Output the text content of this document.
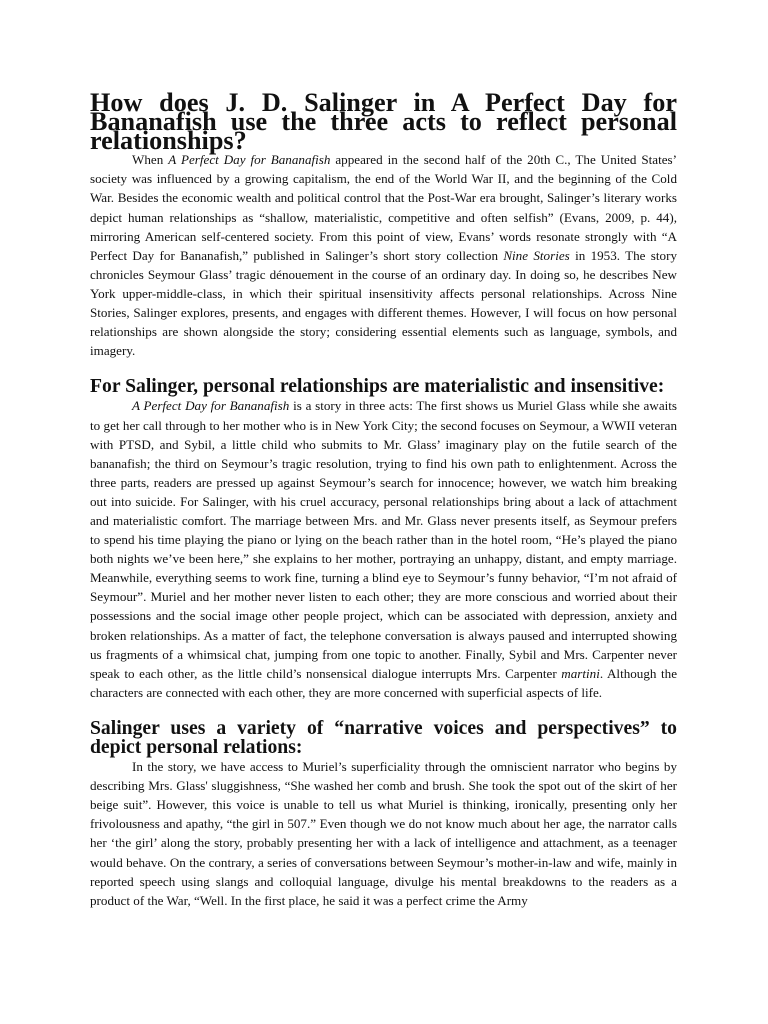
How does J. D. Salinger in A Perfect Day for Bananafish use the three acts to reflect personal relationships?

When A Perfect Day for Bananafish appeared in the second half of the 20th C., The United States’ society was influenced by a growing capitalism, the end of the World War II, and the beginning of the Cold War. Besides the economic wealth and political control that the Post-War era brought, Salinger’s literary works depict human relationships as “shallow, materialistic, competitive and often selfish” (Evans, 2009, p. 44), mirroring American self-centered society. From this point of view, Evans’ words resonate strongly with “A Perfect Day for Bananafish,” published in Salinger’s short story collection Nine Stories in 1953. The story chronicles Seymour Glass’ tragic dénouement in the course of an ordinary day. In doing so, he describes New York upper-middle-class, in which their spiritual insensitivity affects personal relationships. Across Nine Stories, Salinger explores, presents, and engages with different themes. However, I will focus on how personal relationships are shown alongside the story; considering essential elements such as language, symbols, and imagery.

For Salinger, personal relationships are materialistic and insensitive:

A Perfect Day for Bananafish is a story in three acts: The first shows us Muriel Glass while she awaits to get her call through to her mother who is in New York City; the second focuses on Seymour, a WWII veteran with PTSD, and Sybil, a little child who submits to Mr. Glass’ imaginary play on the futile search of the bananafish; the third on Seymour’s tragic resolution, trying to find his own path to enlightenment. Across the three parts, readers are pressed up against Seymour’s search for innocence; however, we watch him breaking out into suicide. For Salinger, with his cruel accuracy, personal relationships bring about a lack of attachment and materialistic comfort. The marriage between Mrs. and Mr. Glass never presents itself, as Seymour prefers to spend his time playing the piano or lying on the beach rather than in the hotel room, “He’s played the piano both nights we’ve been here,” she explains to her mother, portraying an unhappy, distant, and empty marriage. Meanwhile, everything seems to work fine, turning a blind eye to Seymour’s funny behavior, “I’m not afraid of Seymour”. Muriel and her mother never listen to each other; they are more conscious and worried about their possessions and the social image other people project, which can be associated with depression, anxiety and broken relationships. As a matter of fact, the telephone conversation is always paused and interrupted showing us fragments of a whimsical chat, jumping from one topic to another. Finally, Sybil and Mrs. Carpenter never speak to each other, as the little child’s nonsensical dialogue interrupts Mrs. Carpenter martini. Although the characters are connected with each other, they are more concerned with superficial aspects of life.

Salinger uses a variety of “narrative voices and perspectives” to depict personal relations:

In the story, we have access to Muriel’s superficiality through the omniscient narrator who begins by describing Mrs. Glass' sluggishness, “She washed her comb and brush. She took the spot out of the skirt of her beige suit”. However, this voice is unable to tell us what Muriel is thinking, ironically, presenting only her frivolousness and apathy, “the girl in 507.” Even though we do not know much about her age, the narrator calls her ‘the girl’ along the story, probably presenting her with a lack of intelligence and attachment, as a teenager would behave. On the contrary, a series of conversations between Seymour’s mother-in-law and wife, mainly in reported speech using slangs and colloquial language, divulge his mental breakdowns to the readers as a product of the War, “Well. In the first place, he said it was a perfect crime the Army
